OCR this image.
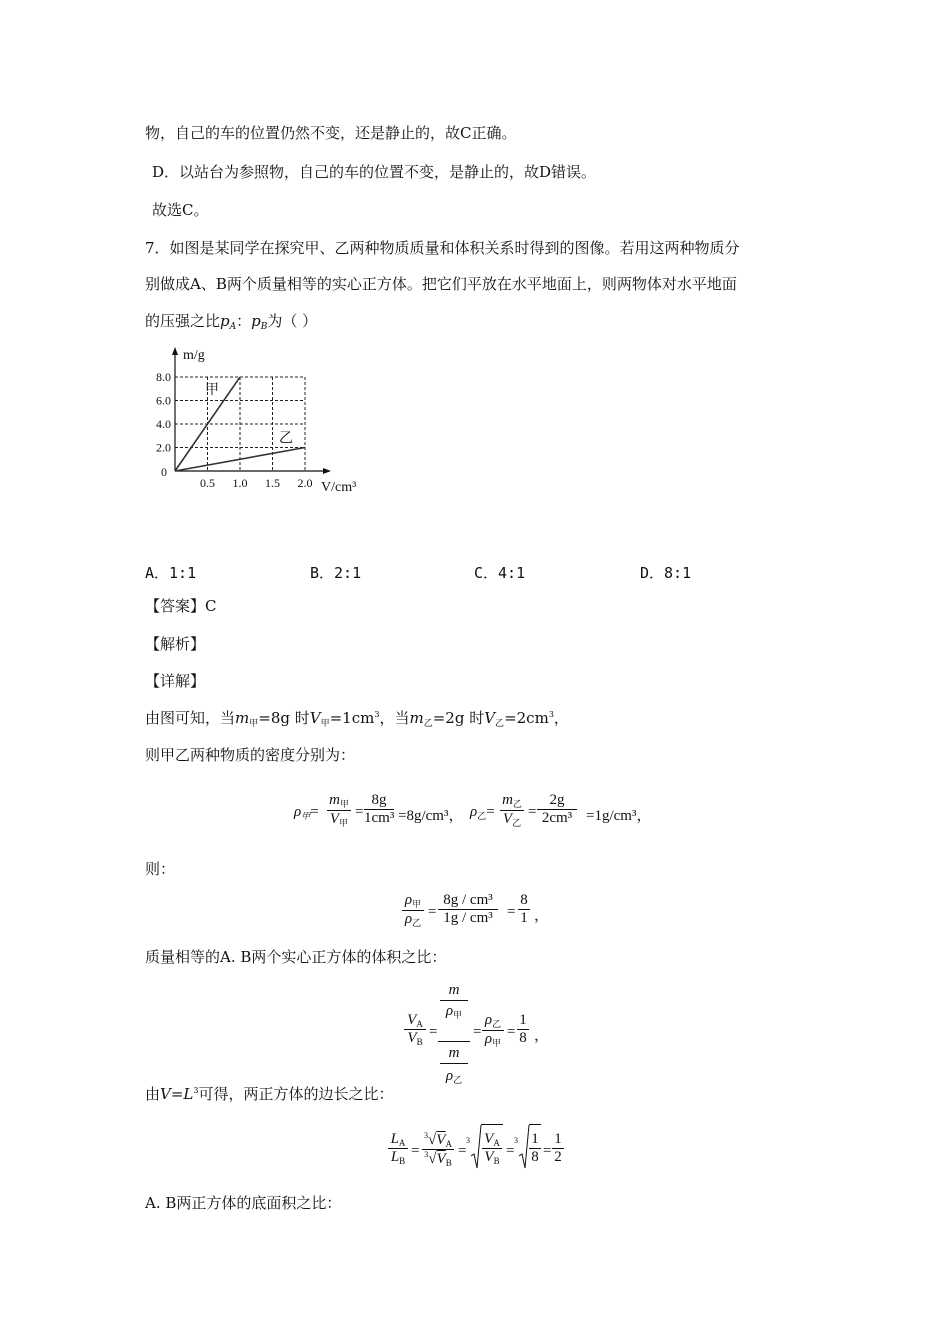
物，自己的车的位置仍然不变，还是静止的，故C正确。
D．以站台为参照物，自己的车的位置不变，是静止的，故D错误。
故选C。
7．如图是某同学在探究甲、乙两种物质质量和体积关系时得到的图像。若用这两种物质分
别做成A、B两个质量相等的实心正方体。把它们平放在水平地面上，则两物体对水平地面
的压强之比$p_A$：$p_B$为（ ）
0.5 1.0 1.5 2.0
2.0
4.0
6.0
8.0
0
m/g
V/cm³
甲
乙
A．1:1	B．2:1	C．4:1	D．8:1
【答案】C
【解析】
【详解】
由图可知，当$m_甲=8g$ 时$V_甲=1cm^3$，当$m_乙=2g$ 时$V_乙=2cm^3$，
则甲乙两种物质的密度分别为：
$\rho_甲=$
$m_甲$
$V_甲$
=
8g
1cm³ =8g/cm³， $\rho_乙=$
$m_乙$
$V_乙$
=
2g
2cm³ =1g/cm³，
则：
$\rho_甲$
$\rho_乙$
=
8g / cm³
1g / cm³ =
8
1 ，
质量相等的A. B两个实心正方体的体积之比：
$V_A$
$V_B$
=
m
$\rho_甲$
m
$\rho_乙$
=
$\rho_乙$
$\rho_甲$
=
1
8 ，
由$V=L^3$可得，两正方体的边长之比：
$L_A$
$L_B$
=
$^3√V_A$
$^3√V_B$
=
3 $V_A$
$V_B$
=
3 1
8 =
1
2
A. B两正方体的底面积之比：
